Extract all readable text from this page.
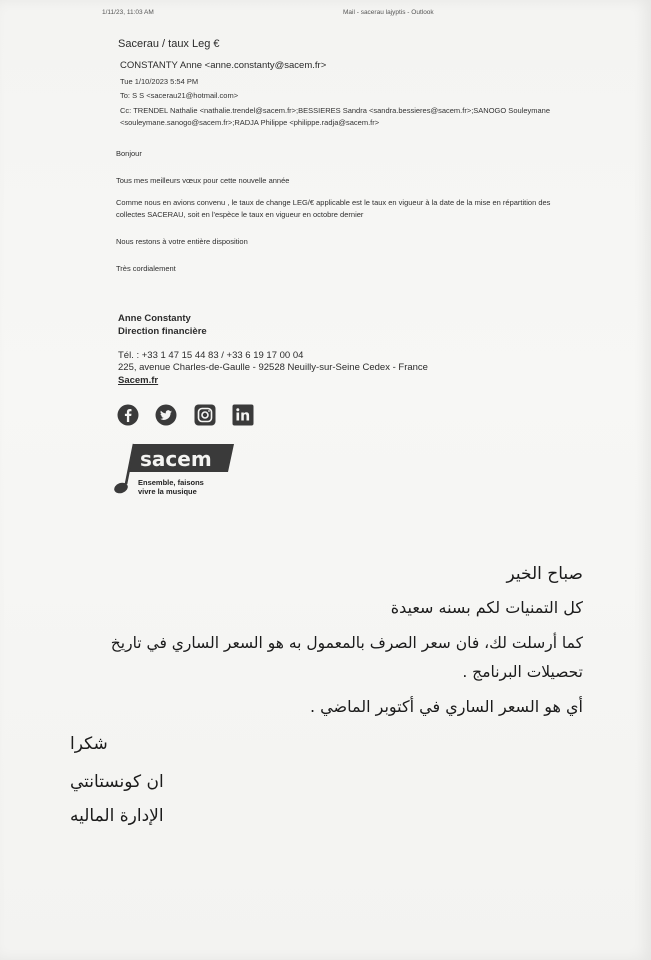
1/11/23, 11:03 AM	Mail - sacerau lajyptis - Outlook
Sacerau / taux Leg €
CONSTANTY Anne <anne.constanty@sacem.fr>
Tue 1/10/2023 5:54 PM
To: S S <sacerau21@hotmail.com>
Cc: TRENDEL Nathalie <nathalie.trendel@sacem.fr>;BESSIERES Sandra <sandra.bessieres@sacem.fr>;SANOGO Souleymane <souleymane.sanogo@sacem.fr>;RADJA Philippe <philippe.radja@sacem.fr>
Bonjour
Tous mes meilleurs vœux pour cette nouvelle année
Comme nous en avions convenu , le taux de change LEG/€ applicable est le taux en vigueur à la date de la mise en répartition des collectes SACERAU, soit en l'espèce le taux en vigueur en octobre dernier
Nous restons à votre entière disposition
Très cordialement
Anne Constanty
Direction financière
Tél. : +33 1 47 15 44 83 / +33 6 19 17 00 04
225, avenue Charles-de-Gaulle - 92528 Neuilly-sur-Seine Cedex - France
Sacem.fr
sacem
Ensemble, faisons
vivre la musique
صباح الخير
كل التمنيات لكم بسنه سعيدة
كما أرسلت لك، فان سعر الصرف بالمعمول به هو السعر الساري في تاريخ
تحصيلات البرنامج .
أي هو السعر الساري في أكتوبر الماضي .
شكرا
ان كونستانتي
الإدارة الماليه
